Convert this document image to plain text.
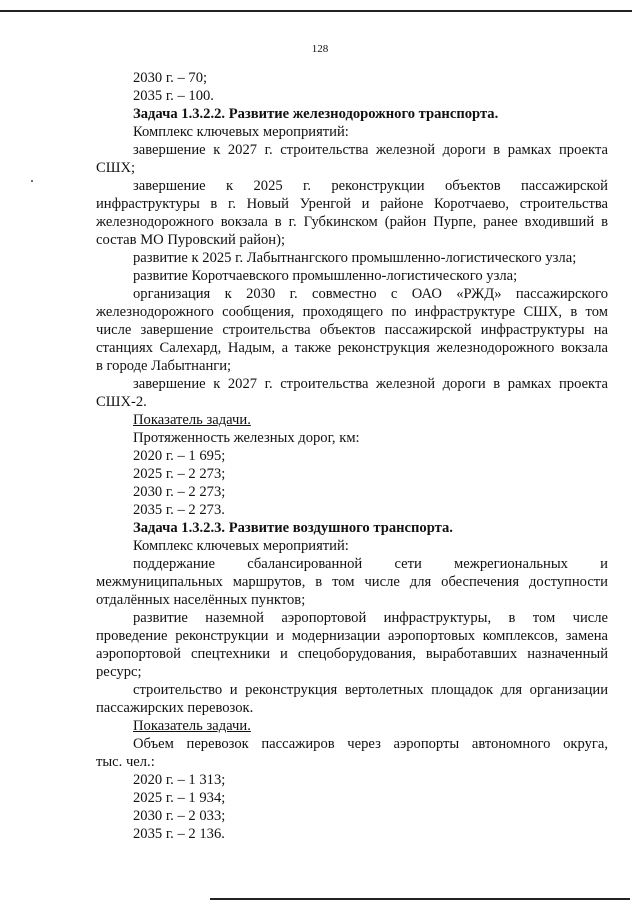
128
2030 г. – 70;
2035 г. – 100.
Задача 1.3.2.2. Развитие железнодорожного транспорта.
Комплекс ключевых мероприятий:
завершение к 2027 г. строительства железной дороги в рамках проекта
СШХ;
завершение к 2025 г. реконструкции объектов пассажирской
инфраструктуры в г. Новый Уренгой и районе Коротчаево, строительства
железнодорожного вокзала в г. Губкинском (район Пурпе, ранее входивший в
состав МО Пуровский район);
развитие к 2025 г. Лабытнангского промышленно-логистического узла;
развитие Коротчаевского промышленно-логистического узла;
организация к 2030 г. совместно с ОАО «РЖД» пассажирского
железнодорожного сообщения, проходящего по инфраструктуре СШХ, в том
числе завершение строительства объектов пассажирской инфраструктуры на
станциях Салехард, Надым, а также реконструкция железнодорожного вокзала
в городе Лабытнанги;
завершение к 2027 г. строительства железной дороги в рамках проекта
СШХ-2.
Показатель задачи.
Протяженность железных дорог, км:
2020 г. – 1 695;
2025 г. – 2 273;
2030 г. – 2 273;
2035 г. – 2 273.
Задача 1.3.2.3. Развитие воздушного транспорта.
Комплекс ключевых мероприятий:
поддержание сбалансированной сети межрегиональных и
межмуниципальных маршрутов, в том числе для обеспечения доступности
отдалённых населённых пунктов;
развитие наземной аэропортовой инфраструктуры, в том числе
проведение реконструкции и модернизации аэропортовых комплексов, замена
аэропортовой спецтехники и спецоборудования, выработавших назначенный
ресурс;
строительство и реконструкция вертолетных площадок для организации
пассажирских перевозок.
Показатель задачи.
Объем перевозок пассажиров через аэропорты автономного округа,
тыс. чел.:
2020 г. – 1 313;
2025 г. – 1 934;
2030 г. – 2 033;
2035 г. – 2 136.
